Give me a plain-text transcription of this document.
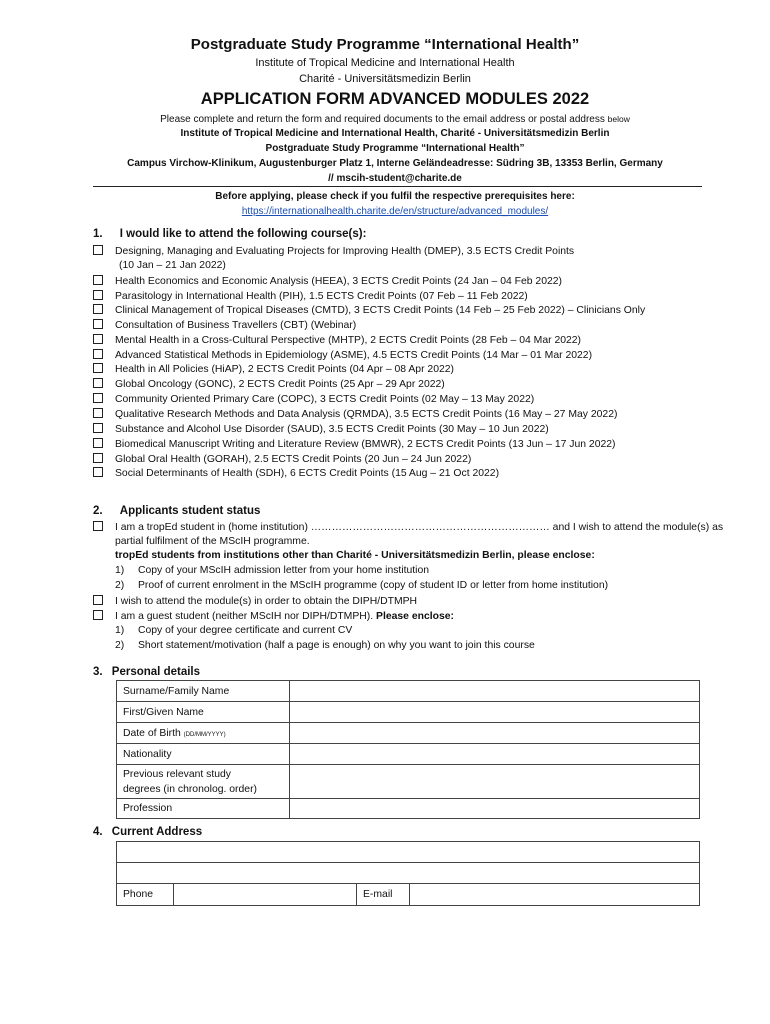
Postgraduate Study Programme “International Health”
Institute of Tropical Medicine and International Health
Charité - Universitätsmedizin Berlin
APPLICATION FORM ADVANCED MODULES 2022
Please complete and return the form and required documents to the email address or postal address below
Institute of Tropical Medicine and International Health, Charité - Universitätsmedizin Berlin
Postgraduate Study Programme “International Health”
Campus Virchow-Klinikum, Augustenburger Platz 1, Interne Geländeadresse: Südring 3B, 13353 Berlin, Germany
// mscih-student@charite.de
Before applying, please check if you fulfil the respective prerequisites here:
https://internationalhealth.charite.de/en/structure/advanced_modules/
1. I would like to attend the following course(s):
Designing, Managing and Evaluating Projects for Improving Health (DMEP), 3.5 ECTS Credit Points
(10 Jan – 21 Jan 2022)
Health Economics and Economic Analysis (HEEA), 3 ECTS Credit Points (24 Jan – 04 Feb 2022)
Parasitology in International Health (PIH), 1.5 ECTS Credit Points (07 Feb – 11 Feb 2022)
Clinical Management of Tropical Diseases (CMTD), 3 ECTS Credit Points (14 Feb – 25 Feb 2022) – Clinicians Only
Consultation of Business Travellers (CBT) (Webinar)
Mental Health in a Cross-Cultural Perspective (MHTP), 2 ECTS Credit Points (28 Feb – 04 Mar 2022)
Advanced Statistical Methods in Epidemiology (ASME), 4.5 ECTS Credit Points (14 Mar – 01 Mar 2022)
Health in All Policies (HiAP), 2 ECTS Credit Points (04 Apr – 08 Apr 2022)
Global Oncology (GONC), 2 ECTS Credit Points (25 Apr – 29 Apr 2022)
Community Oriented Primary Care (COPC), 3 ECTS Credit Points (02 May – 13 May 2022)
Qualitative Research Methods and Data Analysis (QRMDA), 3.5 ECTS Credit Points (16 May – 27 May 2022)
Substance and Alcohol Use Disorder (SAUD), 3.5 ECTS Credit Points (30 May – 10 Jun 2022)
Biomedical Manuscript Writing and Literature Review (BMWR), 2 ECTS Credit Points (13 Jun – 17 Jun 2022)
Global Oral Health (GORAH), 2.5 ECTS Credit Points (20 Jun – 24 Jun 2022)
Social Determinants of Health (SDH), 6 ECTS Credit Points (15 Aug – 21 Oct 2022)
2. Applicants student status
I am a tropEd student in (home institution) …………………………………………………………… and I wish to attend the module(s) as
partial fulfilment of the MScIH programme.
tropEd students from institutions other than Charité - Universitätsmedizin Berlin, please enclose:
1) Copy of your MScIH admission letter from your home institution
2) Proof of current enrolment in the MScIH programme (copy of student ID or letter from home institution)
I wish to attend the module(s) in order to obtain the DIPH/DTMPH
I am a guest student (neither MScIH nor DIPH/DTMPH). Please enclose:
1) Copy of your degree certificate and current CV
2) Short statement/motivation (half a page is enough) on why you want to join this course
3. Personal details
Surname/Family Name	
First/Given Name	
Date of Birth (DD/MM/YYYY)	
Nationality	
Previous relevant study
degrees (in chronolog. order)	
Profession	
4. Current Address

Phone		E-mail	
